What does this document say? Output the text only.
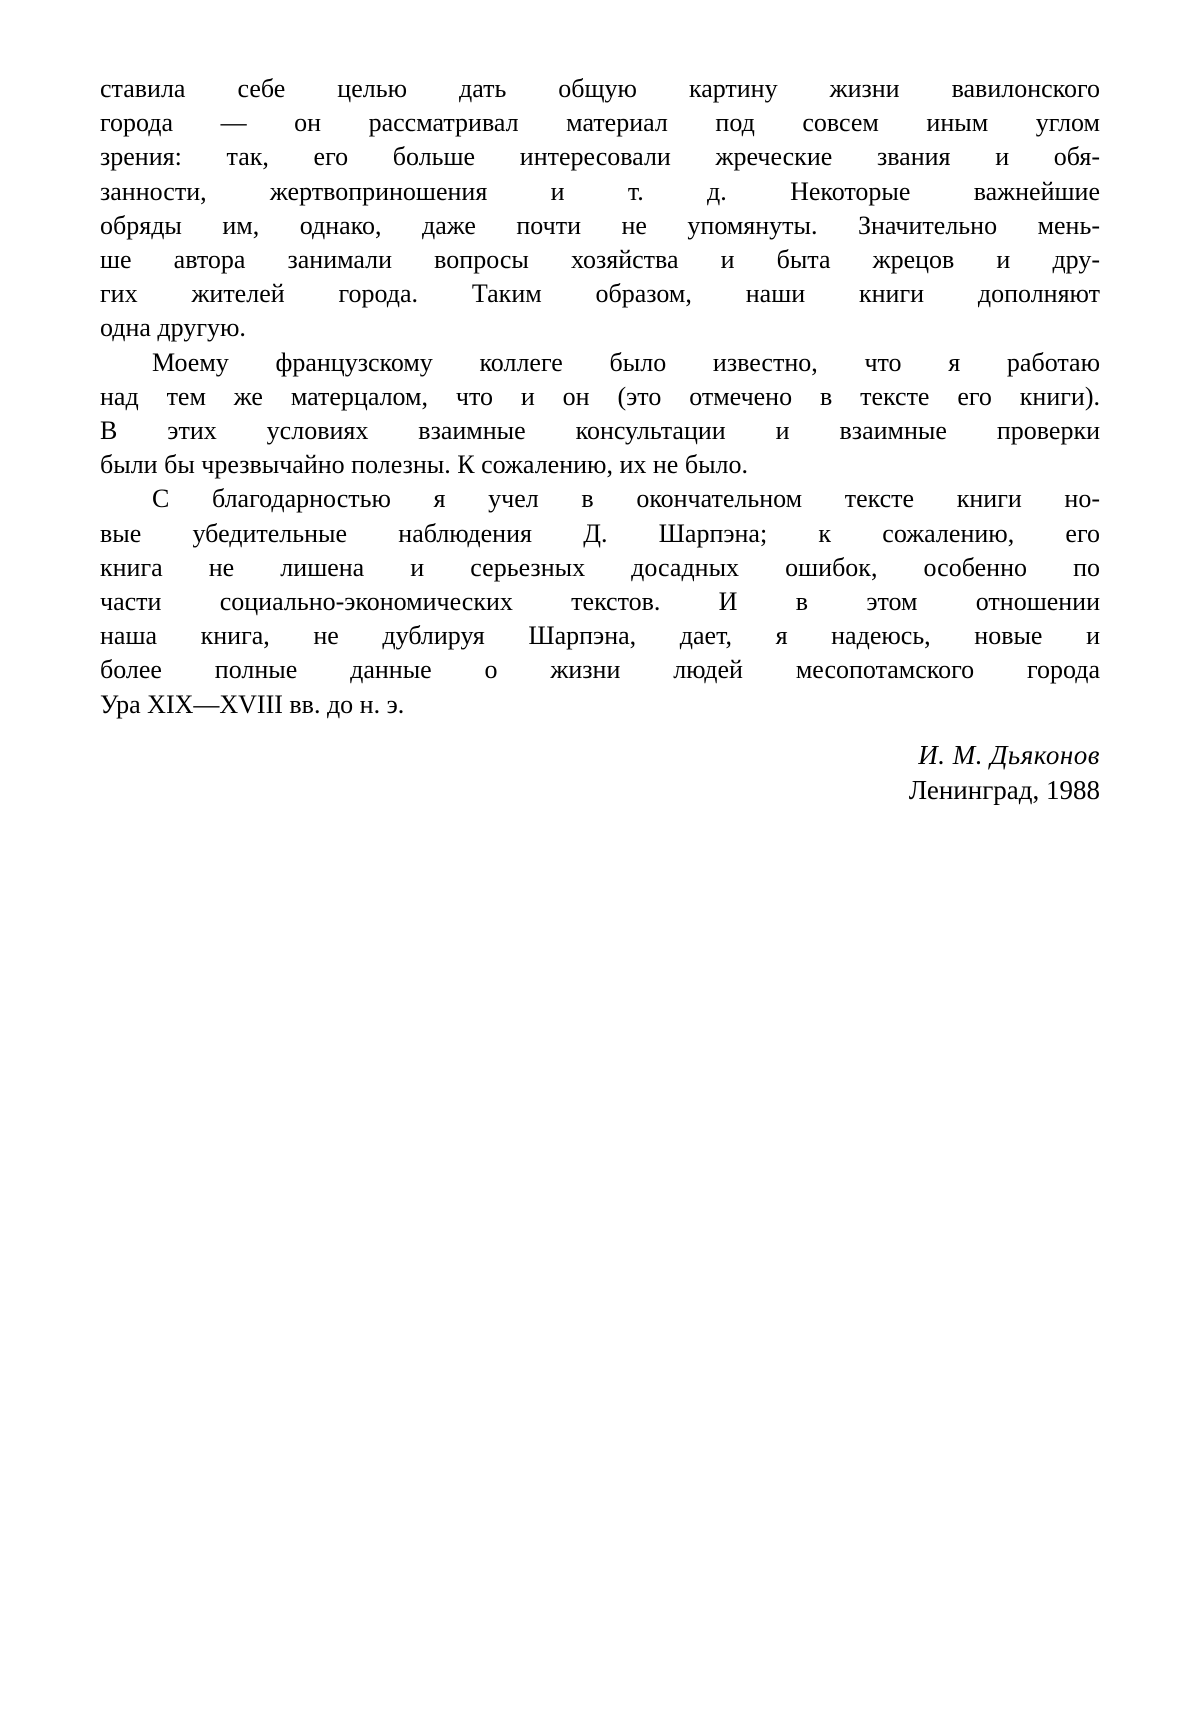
ставила себе целью дать общую картину жизни вавилонского
города — он рассматривал материал под совсем иным углом
зрения: так, его больше интересовали жреческие звания и обя-
занности, жертвоприношения и т. д. Некоторые важнейшие
обряды им, однако, даже почти не упомянуты. Значительно мень-
ше автора занимали вопросы хозяйства и быта жрецов и дру-
гих жителей города. Таким образом, наши книги дополняют
одна другую.
Моему французскому коллеге было известно, что я работаю
над тем же матерцалом, что и он (это отмечено в тексте его книги).
В этих условиях взаимные консультации и взаимные проверки
были бы чрезвычайно полезны. К сожалению, их не было.
С благодарностью я учел в окончательном тексте книги но-
вые убедительные наблюдения Д. Шарпэна; к сожалению, его
книга не лишена и серьезных досадных ошибок, особенно по
части социально-экономических текстов. И в этом отношении
наша книга, не дублируя Шарпэна, дает, я надеюсь, новые и
более полные данные о жизни людей месопотамского города
Ура XIX—XVIII вв. до н. э.
И. М. Дьяконов
Ленинград, 1988
